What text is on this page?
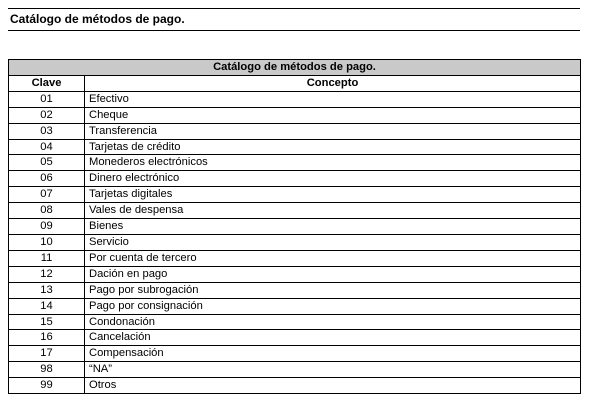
Catálogo de métodos de pago.
Catálogo de métodos de pago.	
Clave	Concepto
01	Efectivo
02	Cheque
03	Transferencia
04	Tarjetas de crédito
05	Monederos electrónicos
06	Dinero electrónico
07	Tarjetas digitales
08	Vales de despensa
09	Bienes
10	Servicio
11	Por cuenta de tercero
12	Dación en pago
13	Pago por subrogación
14	Pago por consignación
15	Condonación
16	Cancelación
17	Compensación
98	“NA”
99	Otros
